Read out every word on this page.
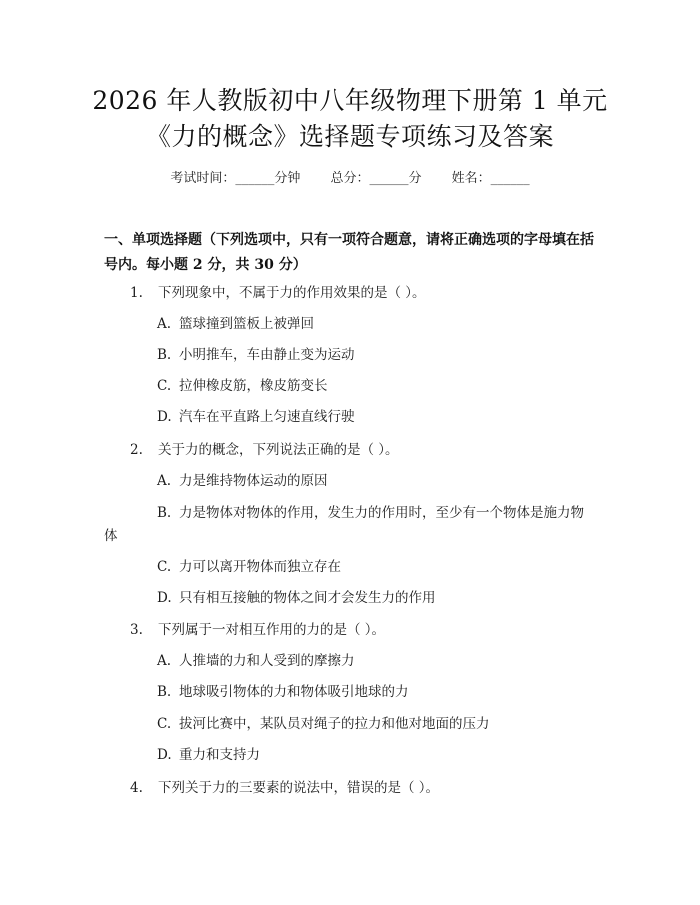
2026 年人教版初中八年级物理下册第 1 单元
《力的概念》选择题专项练习及答案
考试时间：______分钟 总分：______分 姓名：______
一、单项选择题（下列选项中，只有一项符合题意，请将正确选项的字母填在括
号内。每小题 2 分，共 30 分）
1. 下列现象中，不属于力的作用效果的是（ ）。
A. 篮球撞到篮板上被弹回
B. 小明推车，车由静止变为运动
C. 拉伸橡皮筋，橡皮筋变长
D. 汽车在平直路上匀速直线行驶
2. 关于力的概念，下列说法正确的是（ ）。
A. 力是维持物体运动的原因
B. 力是物体对物体的作用，发生力的作用时，至少有一个物体是施力物
体
C. 力可以离开物体而独立存在
D. 只有相互接触的物体之间才会发生力的作用
3. 下列属于一对相互作用的力的是（ ）。
A. 人推墙的力和人受到的摩擦力
B. 地球吸引物体的力和物体吸引地球的力
C. 拔河比赛中，某队员对绳子的拉力和他对地面的压力
D. 重力和支持力
4. 下列关于力的三要素的说法中，错误的是（ ）。
